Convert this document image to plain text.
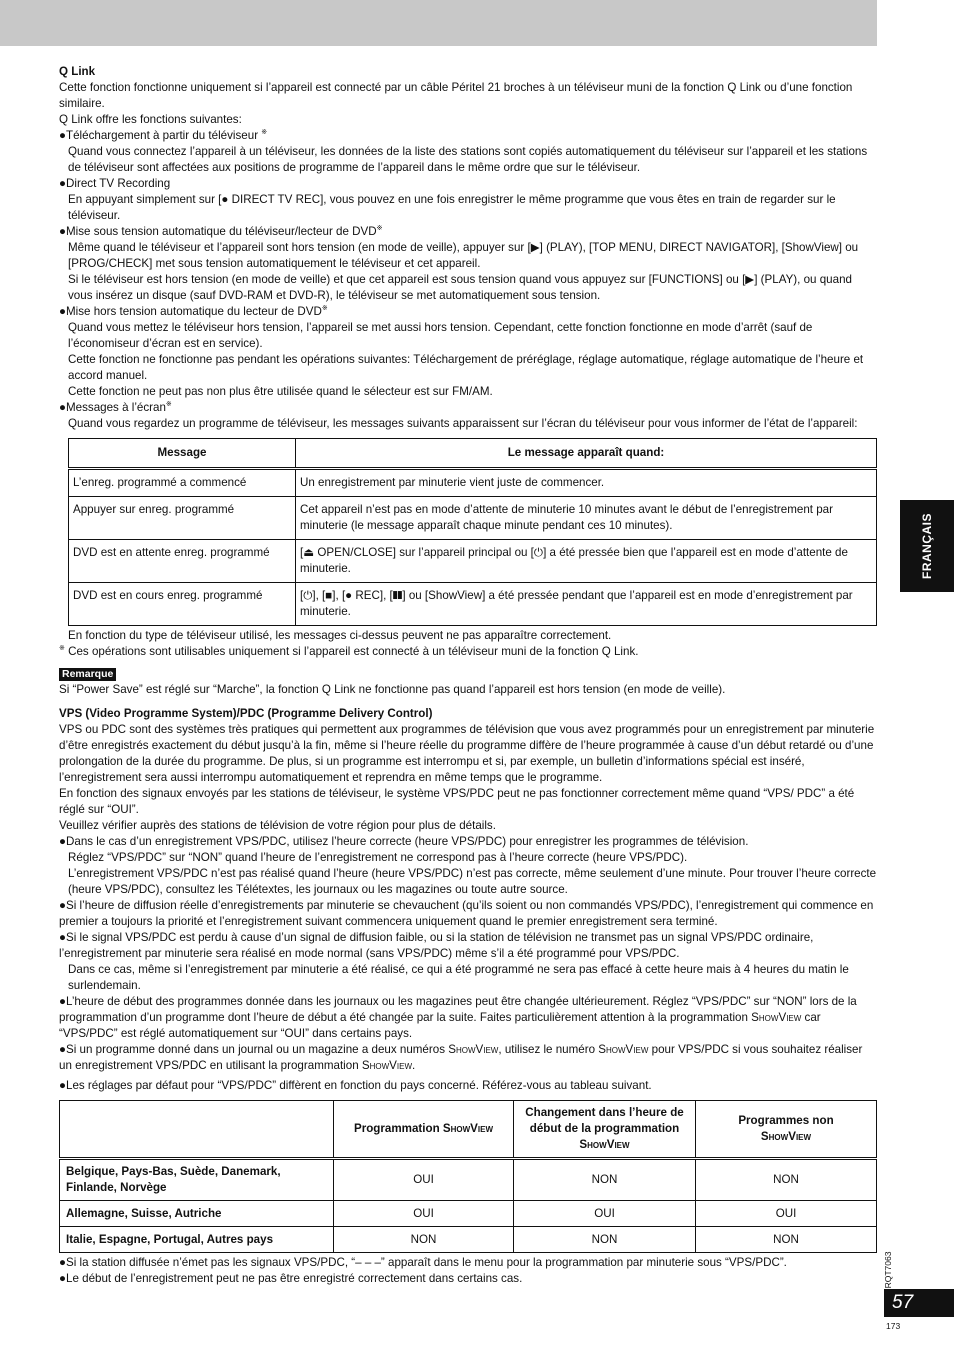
Q Link

Cette fonction fonctionne uniquement si l’appareil est connecté par un câble Péritel 21 broches à un téléviseur muni de la fonction Q Link ou d’une fonction similaire.

Q Link offre les fonctions suivantes:

●Téléchargement à partir du téléviseur ※

Quand vous connectez l’appareil à un téléviseur, les données de la liste des stations sont copiés automatiquement du téléviseur sur l’appareil et les stations de téléviseur sont affectées aux positions de programme de l’appareil dans le même ordre que sur le téléviseur.

●Direct TV Recording

En appuyant simplement sur [● DIRECT TV REC], vous pouvez en une fois enregistrer le même programme que vous êtes en train de regarder sur le téléviseur.

●Mise sous tension automatique du téléviseur/lecteur de DVD※

Même quand le téléviseur et l’appareil sont hors tension (en mode de veille), appuyer sur [▶] (PLAY), [TOP MENU, DIRECT NAVIGATOR], [ShowView] ou [PROG/CHECK] met sous tension automatiquement le téléviseur et cet appareil.

Si le téléviseur est hors tension (en mode de veille) et que cet appareil est sous tension quand vous appuyez sur [FUNCTIONS] ou [▶] (PLAY), ou quand vous insérez un disque (sauf DVD-RAM et DVD-R), le téléviseur se met automatiquement sous tension.

●Mise hors tension automatique du lecteur de DVD※

Quand vous mettez le téléviseur hors tension, l’appareil se met aussi hors tension. Cependant, cette fonction fonctionne en mode d’arrêt (sauf de l’économiseur d’écran est en service).

Cette fonction ne fonctionne pas pendant les opérations suivantes: Téléchargement de préréglage, réglage automatique, réglage automatique de l’heure et accord manuel.

Cette fonction ne peut pas non plus être utilisée quand le sélecteur est sur FM/AM.

●Messages à l’écran※

Quand vous regardez un programme de téléviseur, les messages suivants apparaissent sur l’écran du téléviseur pour vous informer de l’état de l’appareil:

Message	Le message apparaît quand:
L’enreg. programmé a commencé	Un enregistrement par minuterie vient juste de commencer.
Appuyer sur enreg. programmé	Cet appareil n’est pas en mode d’attente de minuterie 10 minutes avant le début de l’enregistrement par minuterie (le message apparaît chaque minute pendant ces 10 minutes).
DVD est en attente enreg. programmé	[⏏ OPEN/CLOSE] sur l’appareil principal ou [⏻] a été pressée bien que l’appareil est en mode d’attente de minuterie.
DVD est en cours enreg. programmé	[⏻], [■], [● REC], [❚❚] ou [ShowView] a été pressée pendant que l’appareil est en mode d’enregistrement par minuterie.

En fonction du type de téléviseur utilisé, les messages ci-dessus peuvent ne pas apparaître correctement.

※ Ces opérations sont utilisables uniquement si l’appareil est connecté à un téléviseur muni de la fonction Q Link.

Remarque

Si “Power Save” est réglé sur “Marche”, la fonction Q Link ne fonctionne pas quand l’appareil est hors tension (en mode de veille).

VPS (Video Programme System)/PDC (Programme Delivery Control)

VPS ou PDC sont des systèmes très pratiques qui permettent aux programmes de télévision que vous avez programmés pour un enregistrement par minuterie d’être enregistrés exactement du début jusqu’à la fin, même si l’heure réelle du programme diffère de l’heure programmée à cause d’un début retardé ou d’une prolongation de la durée du programme. De plus, si un programme est interrompu et si, par exemple, un bulletin d’informations spécial est inséré, l’enregistrement sera aussi interrompu automatiquement et reprendra en même temps que le programme.

En fonction des signaux envoyés par les stations de téléviseur, le système VPS/PDC peut ne pas fonctionner correctement même quand “VPS/ PDC” a été réglé sur “OUI”.

Veuillez vérifier auprès des stations de télévision de votre région pour plus de détails.

●Dans le cas d’un enregistrement VPS/PDC, utilisez l’heure correcte (heure VPS/PDC) pour enregistrer les programmes de télévision.

Réglez “VPS/PDC” sur “NON” quand l’heure de l’enregistrement ne correspond pas à l’heure correcte (heure VPS/PDC).

L’enregistrement VPS/PDC n’est pas réalisé quand l’heure (heure VPS/PDC) n’est pas correcte, même seulement d’une minute. Pour trouver l’heure correcte (heure VPS/PDC), consultez les Télétextes, les journaux ou les magazines ou toute autre source.

●Si l’heure de diffusion réelle d’enregistrements par minuterie se chevauchent (qu’ils soient ou non commandés VPS/PDC), l’enregistrement qui commence en premier a toujours la priorité et l’enregistrement suivant commencera uniquement quand le premier enregistrement sera terminé.

●Si le signal VPS/PDC est perdu à cause d’un signal de diffusion faible, ou si la station de télévision ne transmet pas un signal VPS/PDC ordinaire, l’enregistrement par minuterie sera réalisé en mode normal (sans VPS/PDC) même s’il a été programmé pour VPS/PDC.

Dans ce cas, même si l’enregistrement par minuterie a été réalisé, ce qui a été programmé ne sera pas effacé à cette heure mais à 4 heures du matin le surlendemain.

●L’heure de début des programmes donnée dans les journaux ou les magazines peut être changée ultérieurement. Réglez “VPS/PDC” sur “NON” lors de la programmation d’un programme dont l’heure de début a été changée par la suite. Faites particulièrement attention à la programmation ShowView car “VPS/PDC” est réglé automatiquement sur “OUI” dans certains pays.

●Si un programme donné dans un journal ou un magazine a deux numéros ShowView, utilisez le numéro ShowView pour VPS/PDC si vous souhaitez réaliser un enregistrement VPS/PDC en utilisant la programmation ShowView.

●Les réglages par défaut pour “VPS/PDC” diffèrent en fonction du pays concerné. Référez-vous au tableau suivant.

	Programmation ShowView	Changement dans l’heure de début de la programmation ShowView	Programmes non
ShowView
Belgique, Pays-Bas, Suède, Danemark, Finlande, Norvège	OUI	NON	NON
Allemagne, Suisse, Autriche	OUI	OUI	OUI
Italie, Espagne, Portugal, Autres pays	NON	NON	NON

●Si la station diffusée n’émet pas les signaux VPS/PDC, “– – –” apparaît dans le menu pour la programmation par minuterie sous “VPS/PDC”.

●Le début de l’enregistrement peut ne pas être enregistré correctement dans certains cas.

FRANÇAIS
RQT7063
57
173
